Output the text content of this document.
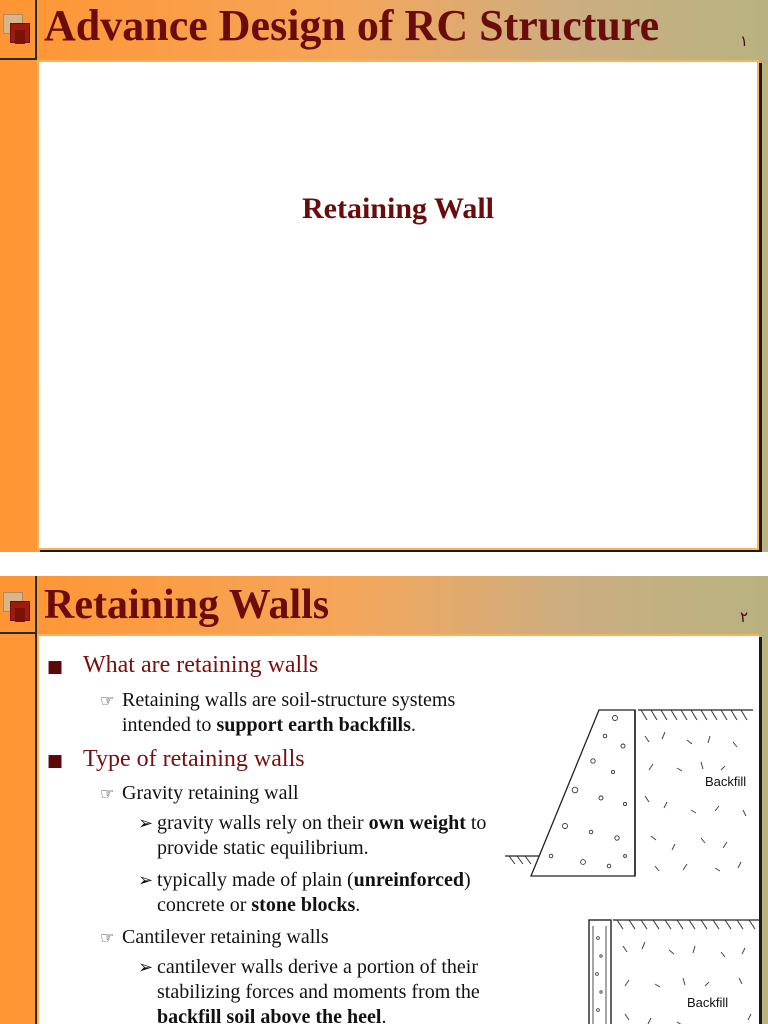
Advance Design of RC Structure	١
Retaining Wall
Retaining Walls	٢
■ What are retaining walls
☞ Retaining walls are soil-structure systems
intended to support earth backfills.
■ Type of retaining walls
☞ Gravity retaining wall
➢ gravity walls rely on their own weight to
provide static equilibrium.
➢ typically made of plain (unreinforced)
concrete or stone blocks.
☞ Cantilever retaining walls
➢ cantilever walls derive a portion of their
stabilizing forces and moments from the
backfill soil above the heel.
Backfill
Backfill
